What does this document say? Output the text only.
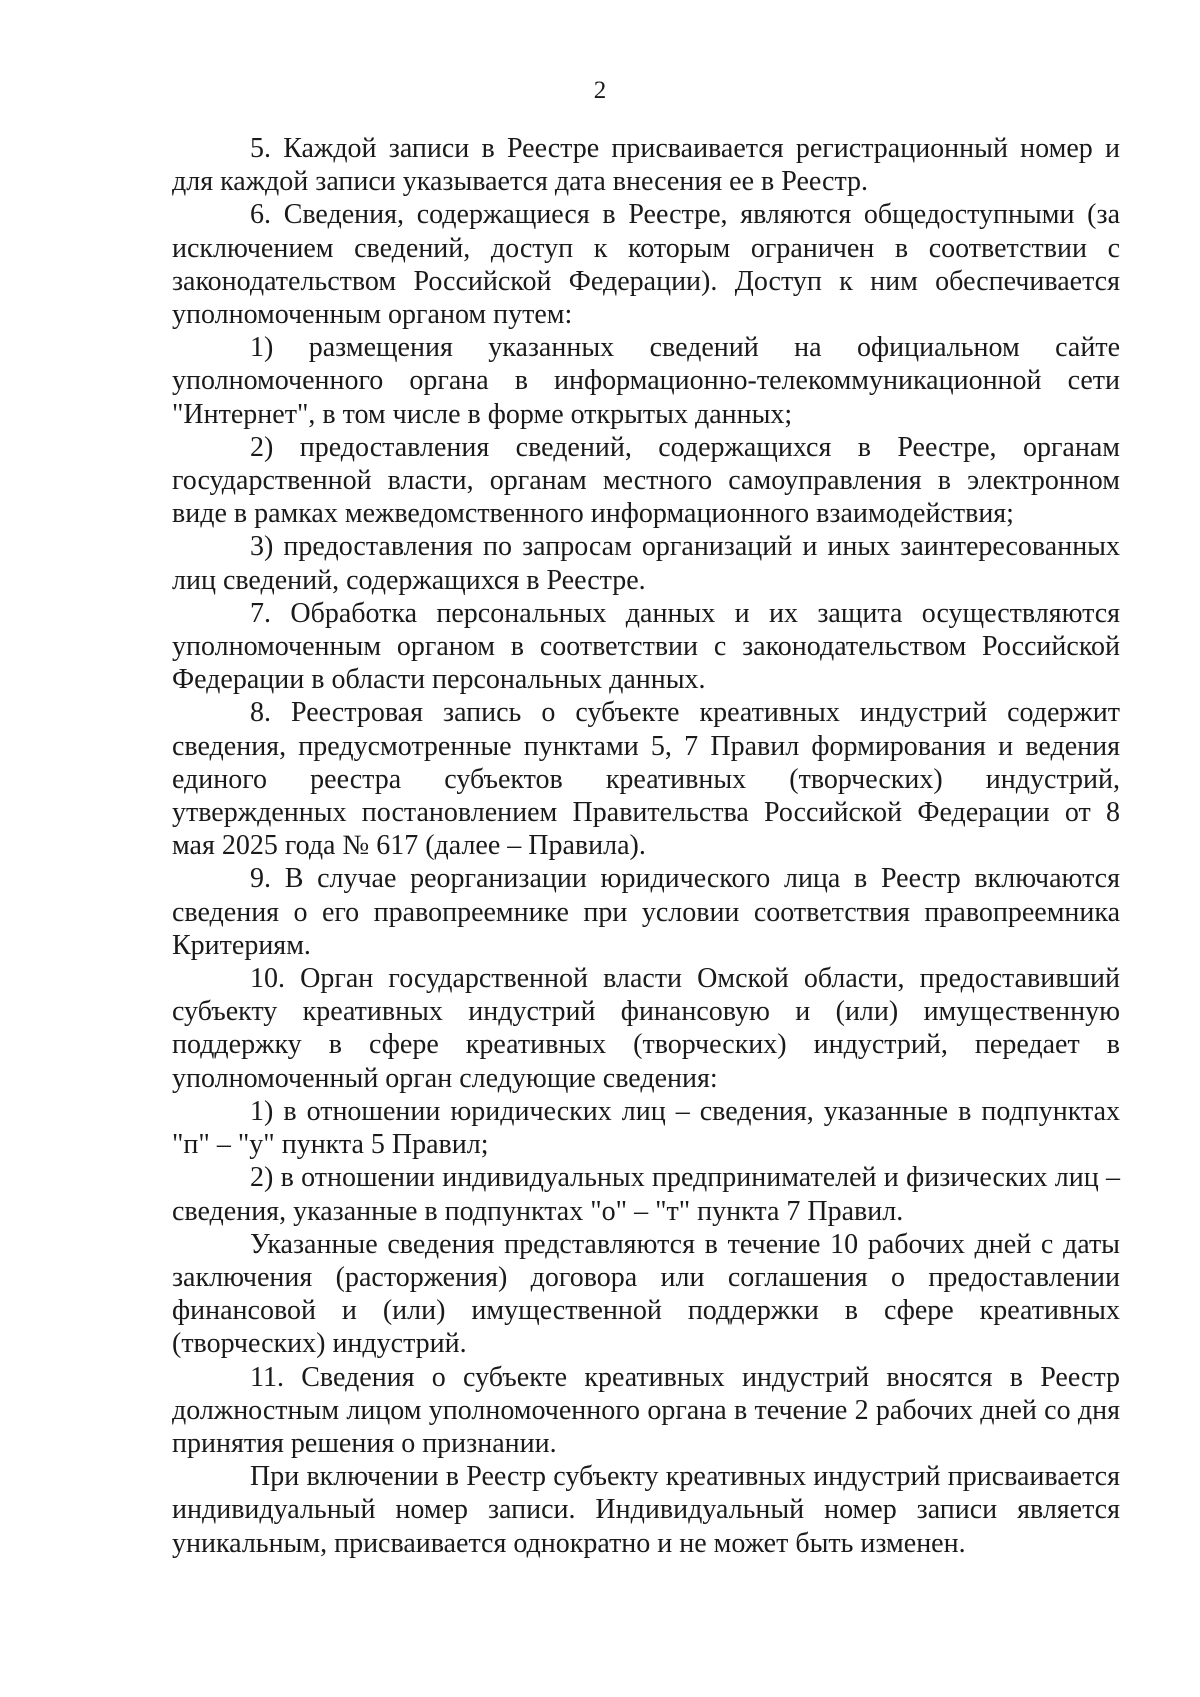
2

5. Каждой записи в Реестре присваивается регистрационный номер и для каждой записи указывается дата внесения ее в Реестр.

6. Сведения, содержащиеся в Реестре, являются общедоступными (за исключением сведений, доступ к которым ограничен в соответствии с законодательством Российской Федерации). Доступ к ним обеспечивается уполномоченным органом путем:

1) размещения указанных сведений на официальном сайте уполномоченного органа в информационно-телекоммуникационной сети "Интернет", в том числе в форме открытых данных;

2) предоставления сведений, содержащихся в Реестре, органам государственной власти, органам местного самоуправления в электронном виде в рамках межведомственного информационного взаимодействия;

3) предоставления по запросам организаций и иных заинтересованных лиц сведений, содержащихся в Реестре.

7. Обработка персональных данных и их защита осуществляются уполномоченным органом в соответствии с законодательством Российской Федерации в области персональных данных.

8. Реестровая запись о субъекте креативных индустрий содержит сведения, предусмотренные пунктами 5, 7 Правил формирования и ведения единого реестра субъектов креативных (творческих) индустрий, утвержденных постановлением Правительства Российской Федерации от 8 мая 2025 года № 617 (далее – Правила).

9. В случае реорганизации юридического лица в Реестр включаются сведения о его правопреемнике при условии соответствия правопреемника Критериям.

10. Орган государственной власти Омской области, предоставивший субъекту креативных индустрий финансовую и (или) имущественную поддержку в сфере креативных (творческих) индустрий, передает в уполномоченный орган следующие сведения:

1) в отношении юридических лиц – сведения, указанные в подпунктах "п" – "у" пункта 5 Правил;

2) в отношении индивидуальных предпринимателей и физических лиц – сведения, указанные в подпунктах "о" – "т" пункта 7 Правил.

Указанные сведения представляются в течение 10 рабочих дней с даты заключения (расторжения) договора или соглашения о предоставлении финансовой и (или) имущественной поддержки в сфере креативных (творческих) индустрий.

11. Сведения о субъекте креативных индустрий вносятся в Реестр должностным лицом уполномоченного органа в течение 2 рабочих дней со дня принятия решения о признании.

При включении в Реестр субъекту креативных индустрий присваивается индивидуальный номер записи. Индивидуальный номер записи является уникальным, присваивается однократно и не может быть изменен.
